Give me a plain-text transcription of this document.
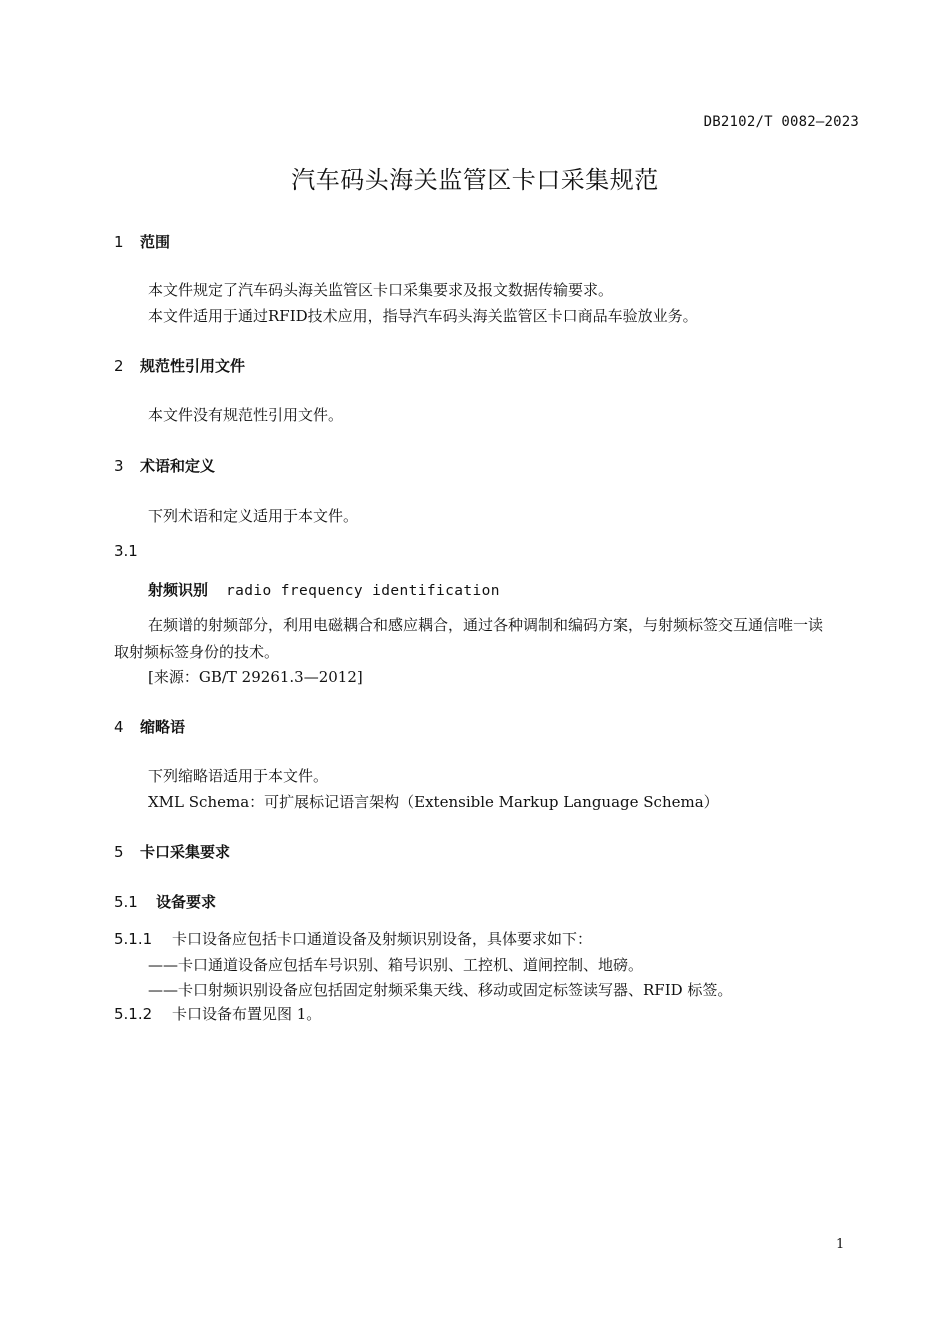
DB2102/T 0082—2023
汽车码头海关监管区卡口采集规范
1 范围
本文件规定了汽车码头海关监管区卡口采集要求及报文数据传输要求。
本文件适用于通过RFID技术应用，指导汽车码头海关监管区卡口商品车验放业务。
2 规范性引用文件
本文件没有规范性引用文件。
3 术语和定义
下列术语和定义适用于本文件。
3.1
射频识别 radio frequency identification
在频谱的射频部分，利用电磁耦合和感应耦合，通过各种调制和编码方案，与射频标签交互通信唯一读取射频标签身份的技术。
[来源：GB/T 29261.3—2012]
4 缩略语
下列缩略语适用于本文件。
XML Schema：可扩展标记语言架构（Extensible Markup Language Schema）
5 卡口采集要求
5.1 设备要求
5.1.1 卡口设备应包括卡口通道设备及射频识别设备，具体要求如下：
——卡口通道设备应包括车号识别、箱号识别、工控机、道闸控制、地磅。
——卡口射频识别设备应包括固定射频采集天线、移动或固定标签读写器、RFID 标签。
5.1.2 卡口设备布置见图 1。
1
